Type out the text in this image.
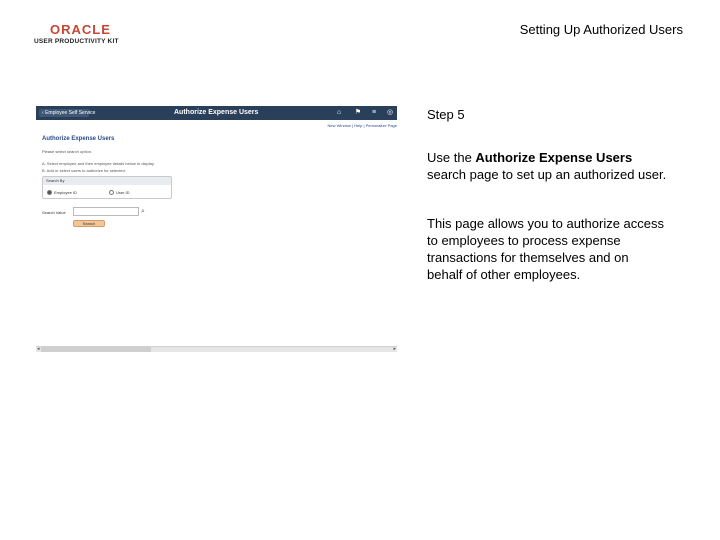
ORACLE
USER PRODUCTIVITY KIT
Setting Up Authorized Users
‹ Employee Self Service	Authorize Expense Users	⌂ ⚑ ≡ ◎
New Window | Help | Personalize Page
Authorize Expense Users
Please select search option.
A. Select employee and then employee details below to display.
B. Add or select users to authorize for selected.
Search By
Employee ID	User ID
Search Value	⌕
Search
◂	▸
Step 5
Use the Authorize Expense Users search page to set up an authorized user.
This page allows you to authorize access to employees to process expense transactions for themselves and on
behalf of other employees.
